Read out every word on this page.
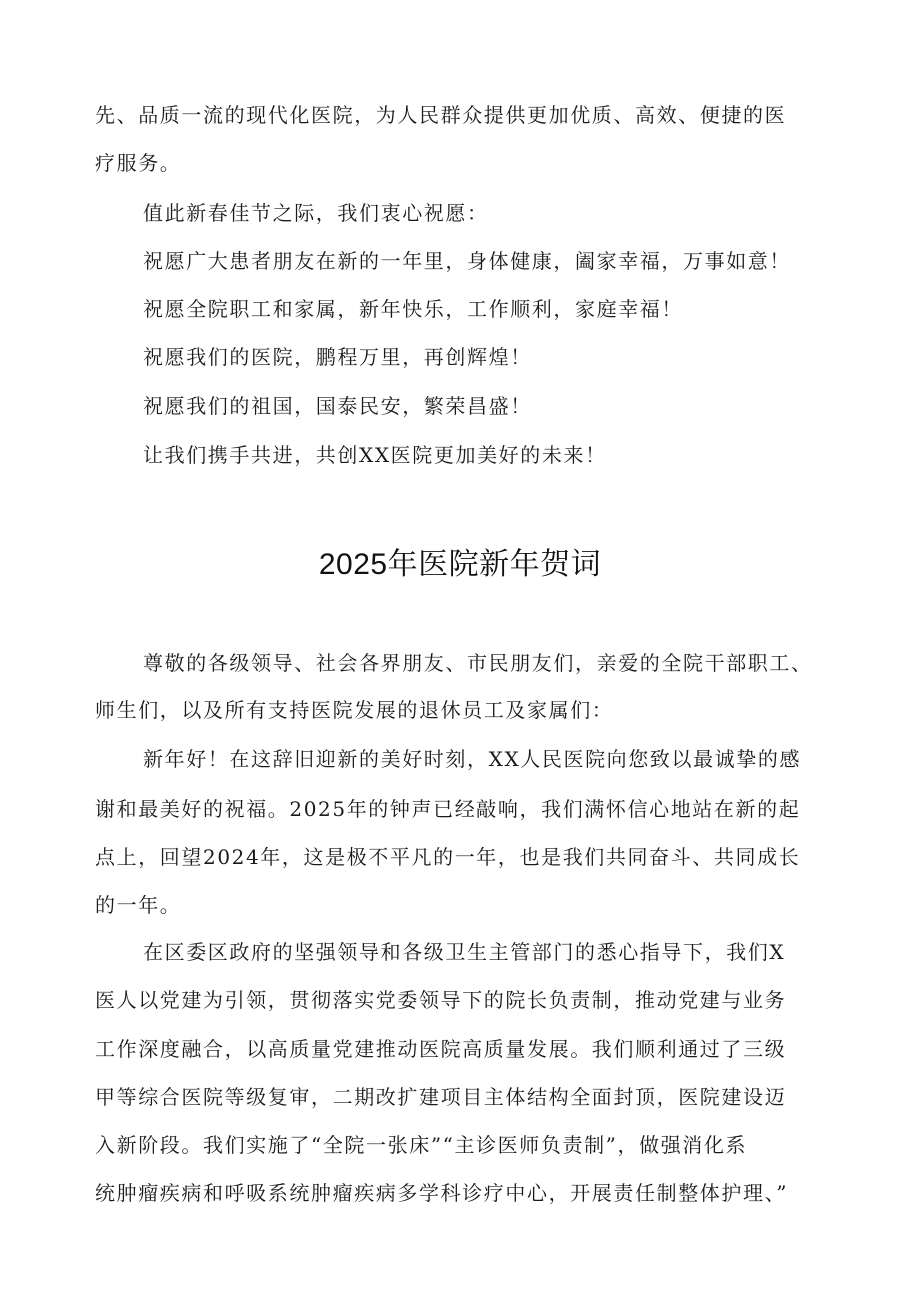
先、品质一流的现代化医院，为人民群众提供更加优质、高效、便捷的医
疗服务。
值此新春佳节之际，我们衷心祝愿：
祝愿广大患者朋友在新的一年里，身体健康，阖家幸福，万事如意！
祝愿全院职工和家属，新年快乐，工作顺利，家庭幸福！
祝愿我们的医院，鹏程万里，再创辉煌！
祝愿我们的祖国，国泰民安，繁荣昌盛！
让我们携手共进，共创XX医院更加美好的未来！
2025年医院新年贺词
尊敬的各级领导、社会各界朋友、市民朋友们，亲爱的全院干部职工、
师生们，以及所有支持医院发展的退休员工及家属们：
新年好！在这辞旧迎新的美好时刻，XX人民医院向您致以最诚挚的感
谢和最美好的祝福。2025年的钟声已经敲响，我们满怀信心地站在新的起
点上，回望2024年，这是极不平凡的一年，也是我们共同奋斗、共同成长
的一年。
在区委区政府的坚强领导和各级卫生主管部门的悉心指导下，我们X
医人以党建为引领，贯彻落实党委领导下的院长负责制，推动党建与业务
工作深度融合，以高质量党建推动医院高质量发展。我们顺利通过了三级
甲等综合医院等级复审，二期改扩建项目主体结构全面封顶，医院建设迈
入新阶段。我们实施了“全院一张床”“主诊医师负责制”，做强消化系
统肿瘤疾病和呼吸系统肿瘤疾病多学科诊疗中心，开展责任制整体护理、”
